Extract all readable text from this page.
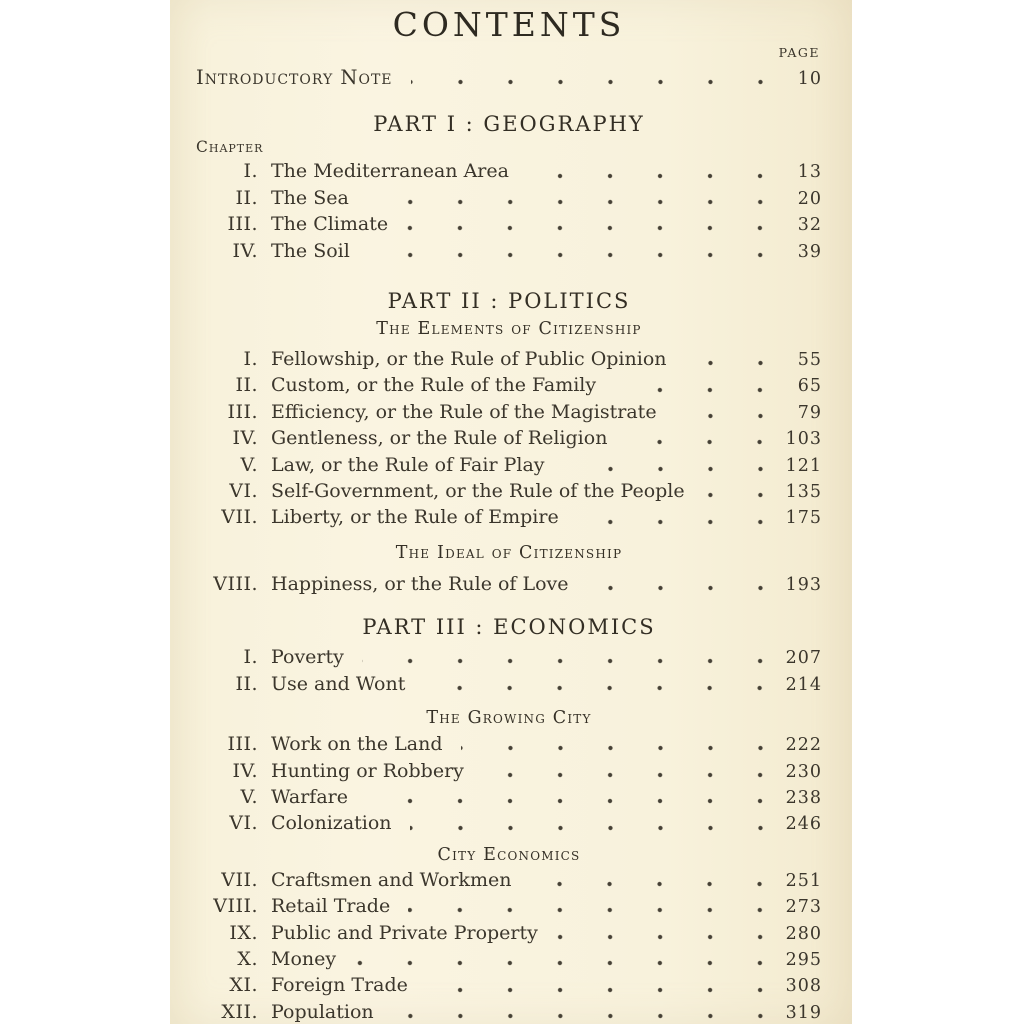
CONTENTS
PAGE
Introductory Note	10
PART I : GEOGRAPHY
Chapter
I. The Mediterranean Area	13
II. The Sea	20
III. The Climate	32
IV. The Soil	39
PART II : POLITICS
The Elements of Citizenship
I. Fellowship, or the Rule of Public Opinion	55
II. Custom, or the Rule of the Family	65
III. Efficiency, or the Rule of the Magistrate	79
IV. Gentleness, or the Rule of Religion	103
V. Law, or the Rule of Fair Play	121
VI. Self-Government, or the Rule of the People	135
VII. Liberty, or the Rule of Empire	175
The Ideal of Citizenship
VIII. Happiness, or the Rule of Love	193
PART III : ECONOMICS
I. Poverty	207
II. Use and Wont	214
The Growing City
III. Work on the Land	222
IV. Hunting or Robbery	230
V. Warfare	238
VI. Colonization	246
City Economics
VII. Craftsmen and Workmen	251
VIII. Retail Trade	273
IX. Public and Private Property	280
X. Money	295
XI. Foreign Trade	308
XII. Population	319
